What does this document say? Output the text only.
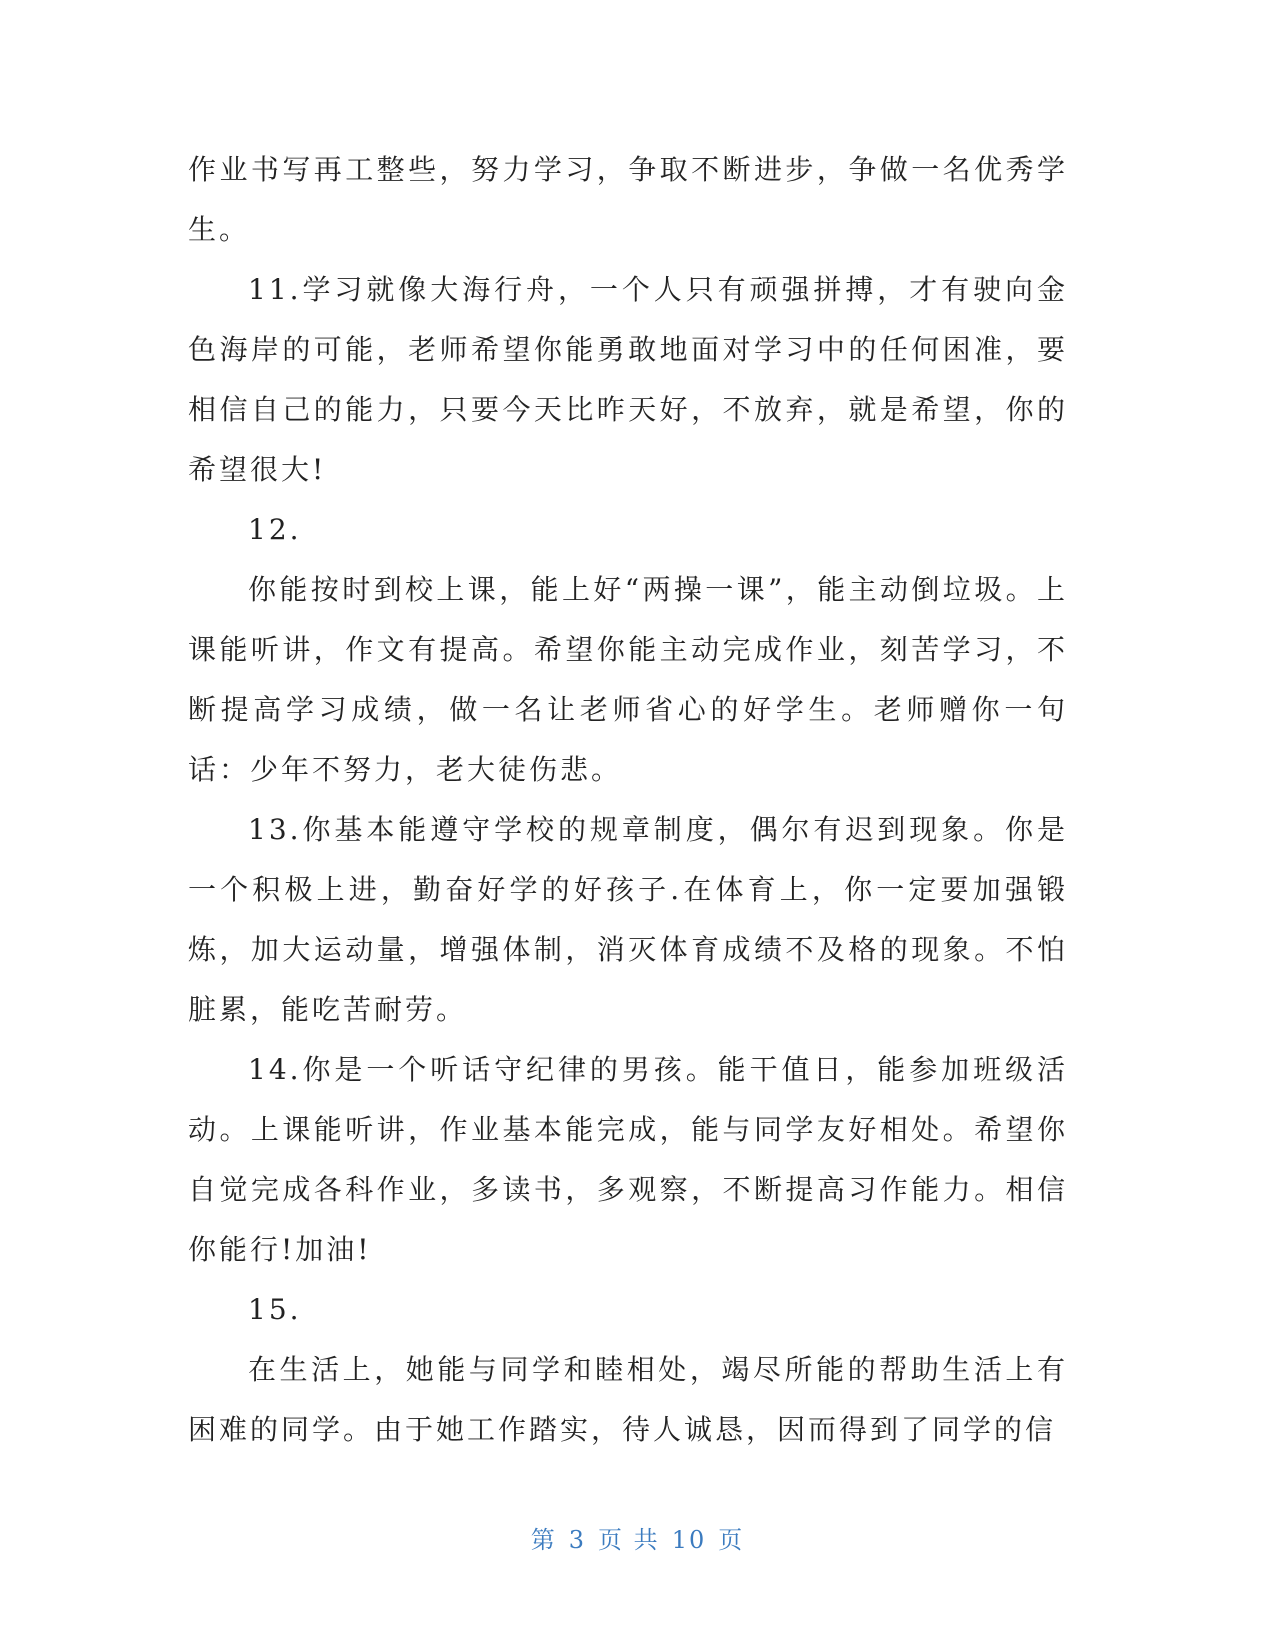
作业书写再工整些，努力学习，争取不断进步，争做一名优秀学生。

11.学习就像大海行舟，一个人只有顽强拼搏，才有驶向金色海岸的可能，老师希望你能勇敢地面对学习中的任何困准，要相信自己的能力，只要今天比昨天好，不放弃，就是希望，你的希望很大!

12.

你能按时到校上课，能上好“两操一课”，能主动倒垃圾。上课能听讲，作文有提高。希望你能主动完成作业，刻苦学习，不断提高学习成绩，做一名让老师省心的好学生。老师赠你一句话：少年不努力，老大徒伤悲。

13.你基本能遵守学校的规章制度，偶尔有迟到现象。你是一个积极上进，勤奋好学的好孩子.在体育上，你一定要加强锻炼，加大运动量，增强体制，消灭体育成绩不及格的现象。不怕脏累，能吃苦耐劳。

14.你是一个听话守纪律的男孩。能干值日，能参加班级活动。上课能听讲，作业基本能完成，能与同学友好相处。希望你自觉完成各科作业，多读书，多观察，不断提高习作能力。相信你能行!加油!

15.

在生活上，她能与同学和睦相处，竭尽所能的帮助生活上有困难的同学。由于她工作踏实，待人诚恳，因而得到了同学的信

第 3 页 共 10 页
